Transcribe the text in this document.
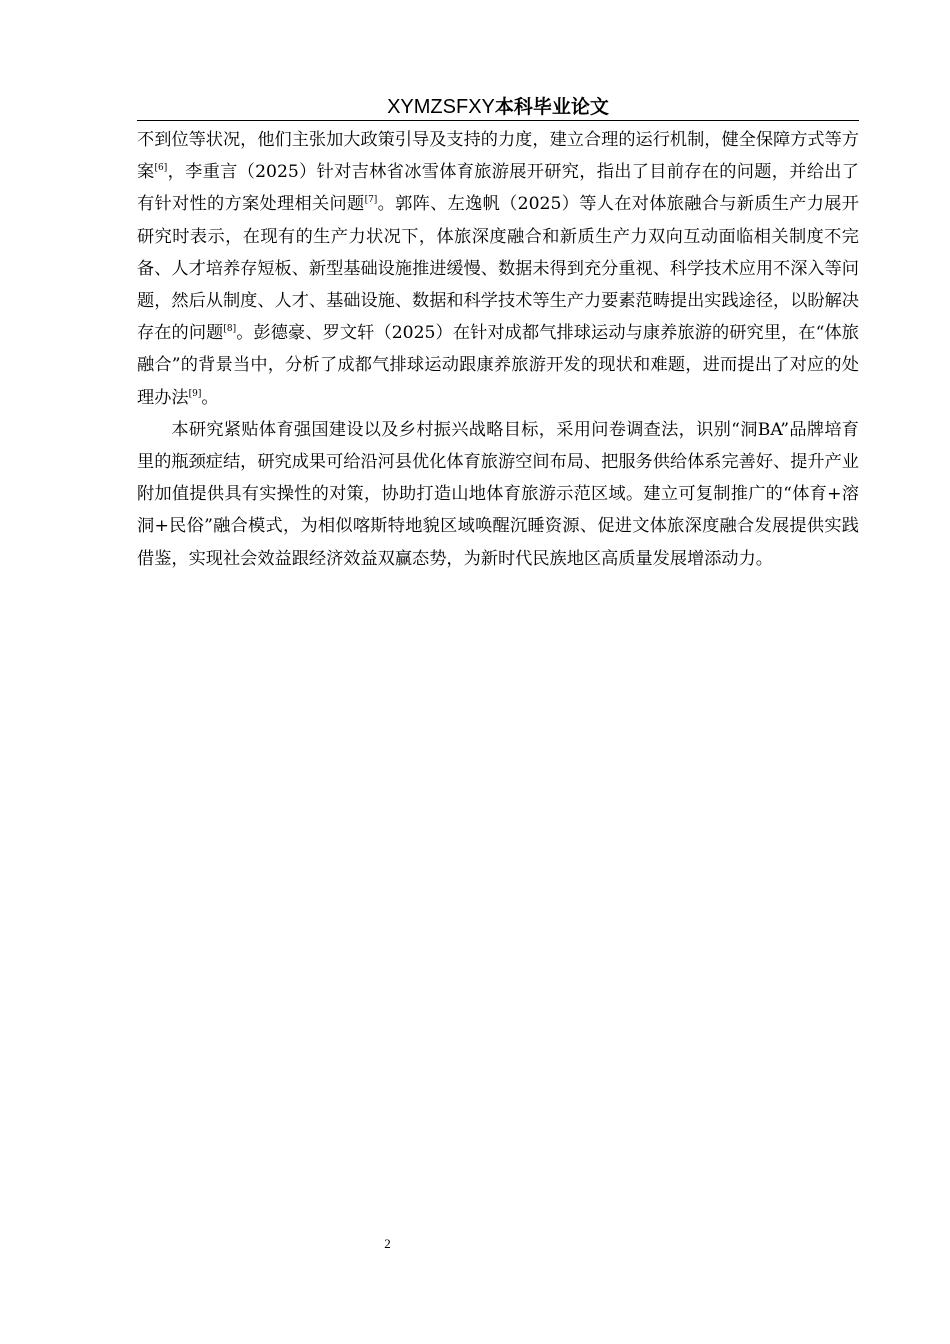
XYMZSFXY本科毕业论文

不到位等状况，他们主张加大政策引导及支持的力度，建立合理的运行机制，健全保障方式等方案[6]，李重言（2025）针对吉林省冰雪体育旅游展开研究，指出了目前存在的问题，并给出了有针对性的方案处理相关问题[7]。郭阵、左逸帆（2025）等人在对体旅融合与新质生产力展开研究时表示，在现有的生产力状况下，体旅深度融合和新质生产力双向互动面临相关制度不完备、人才培养存短板、新型基础设施推进缓慢、数据未得到充分重视、科学技术应用不深入等问题，然后从制度、人才、基础设施、数据和科学技术等生产力要素范畴提出实践途径，以盼解决存在的问题[8]。彭德豪、罗文轩（2025）在针对成都气排球运动与康养旅游的研究里，在“体旅融合”的背景当中，分析了成都气排球运动跟康养旅游开发的现状和难题，进而提出了对应的处理办法[9]。

本研究紧贴体育强国建设以及乡村振兴战略目标，采用问卷调查法，识别“洞BA”品牌培育里的瓶颈症结，研究成果可给沿河县优化体育旅游空间布局、把服务供给体系完善好、提升产业附加值提供具有实操性的对策，协助打造山地体育旅游示范区域。建立可复制推广的“体育+溶洞+民俗”融合模式，为相似喀斯特地貌区域唤醒沉睡资源、促进文体旅深度融合发展提供实践借鉴，实现社会效益跟经济效益双赢态势，为新时代民族地区高质量发展增添动力。

2
